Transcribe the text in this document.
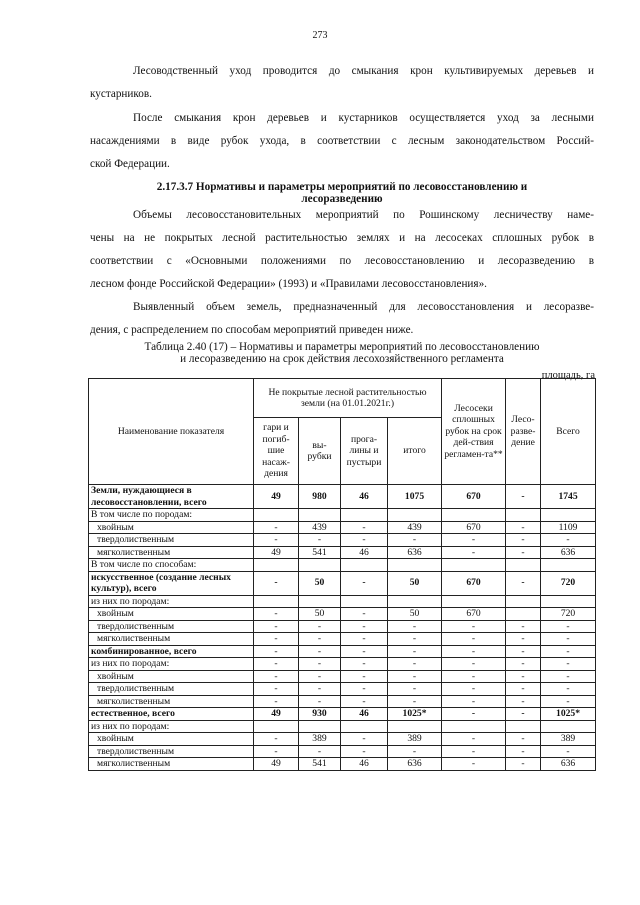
273
Лесоводственный уход проводится до смыкания крон культивируемых деревьев и
кустарников.
После смыкания крон деревьев и кустарников осуществляется уход за лесными
насаждениями в виде рубок ухода, в соответствии с лесным законодательством Россий-
ской Федерации.
2.17.3.7 Нормативы и параметры мероприятий по лесовосстановлению и
лесоразведению
Объемы лесовосстановительных мероприятий по Рошинскому лесничеству наме-
чены на не покрытых лесной растительностью землях и на лесосеках сплошных рубок в
соответствии с «Основными положениями по лесовосстановлению и лесоразведению в
лесном фонде Российской Федерации» (1993) и «Правилами лесовосстановления».
Выявленный объем земель, предназначенный для лесовосстановления и лесоразве-
дения, с распределением по способам мероприятий приведен ниже.
Таблица 2.40 (17) – Нормативы и параметры мероприятий по лесовосстановлению
и лесоразведению на срок действия лесохозяйственного регламента
площадь, га
Наименование показателя	Не покрытые лесной растительностью земли (на 01.01.2021г.)				Лесосеки сплошных рубок на срок дей-ствия регламен-та**	Лесо-разве-дение	Всего
	гари и погиб-шие насаж-дения	вы-рубки	прога-лины и пустыри	итого			
Земли, нуждающиеся в лесовосстановлении, всего	49	980	46	1075	670	-	1745
В том числе по породам:							
хвойным	-	439	-	439	670	-	1109
твердолиственным	-	-	-	-	-	-	-
мягколиственным	49	541	46	636	-	-	636
В том числе по способам:							
искусственное (создание лесных культур), всего	-	50	-	50	670	-	720
из них по породам:							
хвойным	-	50	-	50	670		720
твердолиственным	-	-	-	-	-	-	-
мягколиственным	-	-	-	-	-	-	-
комбинированное, всего	-	-	-	-	-	-	-
из них по породам:	-	-	-	-	-	-	-
хвойным	-	-	-	-	-	-	-
твердолиственным	-	-	-	-	-	-	-
мягколиственным	-	-	-	-	-	-	-
естественное, всего	49	930	46	1025*	-	-	1025*
из них по породам:							
хвойным	-	389	-	389	-	-	389
твердолиственным	-	-	-	-	-	-	-
мягколиственным	49	541	46	636	-	-	636
